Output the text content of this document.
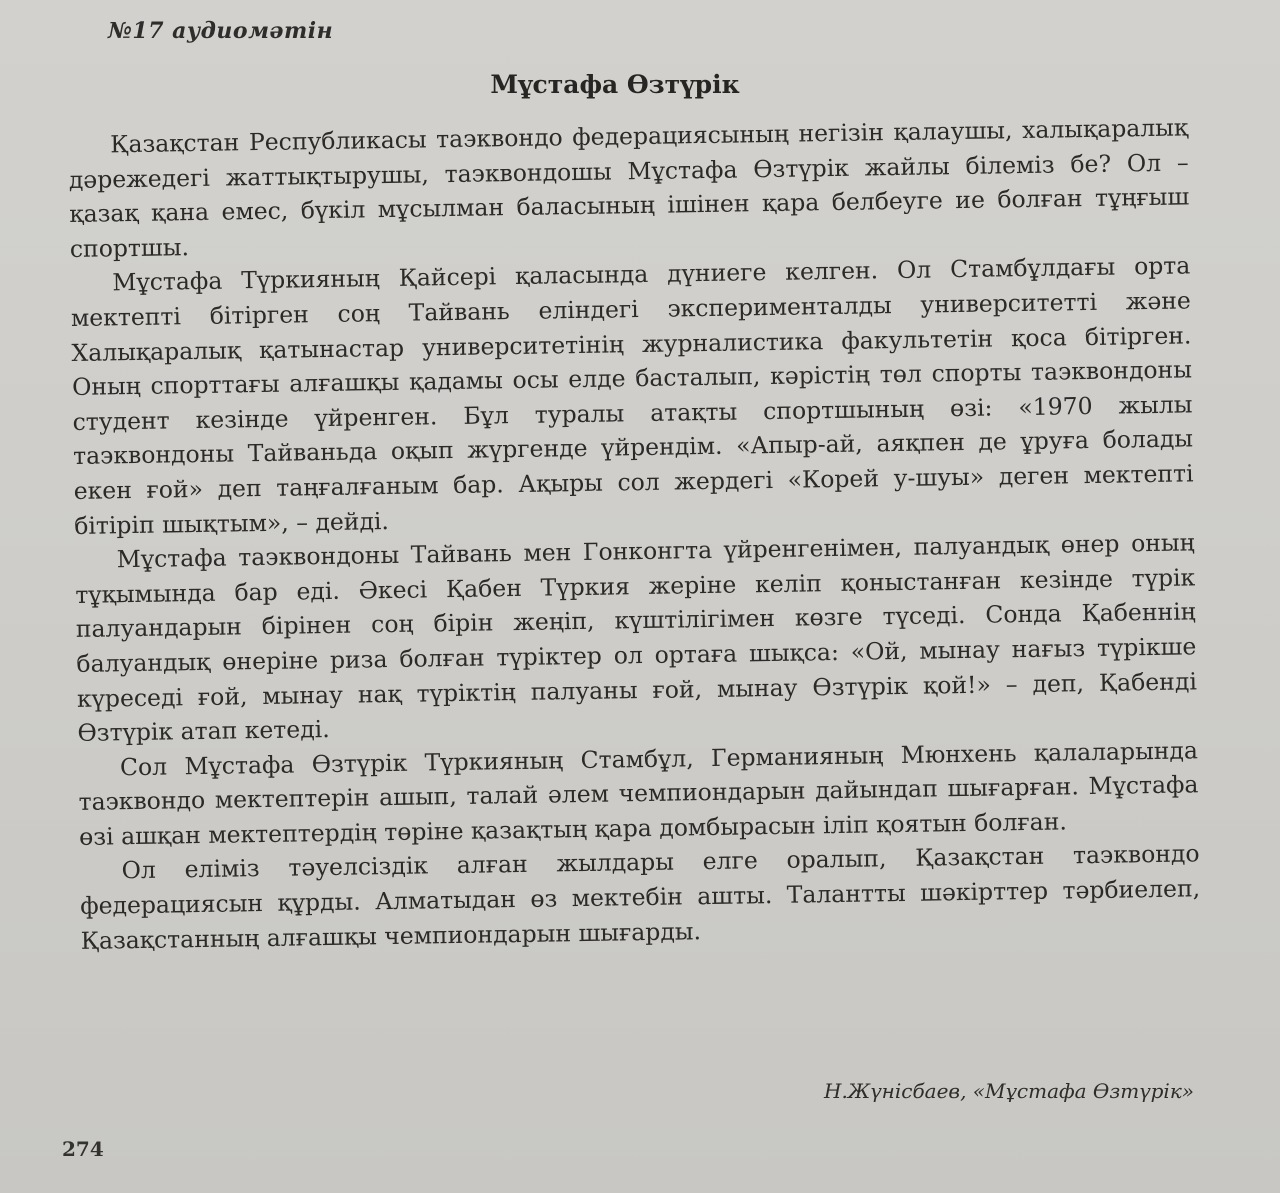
№17 аудиомәтін

Мұстафа Өзтүрік

Қазақстан Республикасы таэквондо федерациясының негізін қалаушы, халықаралық дәрежедегі жаттықтырушы, таэквондошы Мұстафа Өзтүрік жайлы білеміз бе? Ол – қазақ қана емес, бүкіл мұсылман баласының ішінен қара белбеуге ие болған тұңғыш спортшы.

Мұстафа Түркияның Қайсері қаласында дүниеге келген. Ол Стамбұлдағы орта мектепті бітірген соң Тайвань еліндегі эксперименталды университетті және Халықаралық қатынастар университетінің журналистика факультетін қоса бітірген. Оның спорттағы алғашқы қадамы осы елде басталып, кәрістің төл спорты таэквондоны студент кезінде үйренген. Бұл туралы атақты спортшының өзі: «1970 жылы таэквондоны Тайваньда оқып жүргенде үйрендім. «Апыр-ай, аяқпен де ұруға болады екен ғой» деп таңғалғаным бар. Ақыры сол жердегі «Корей у-шуы» деген мектепті бітіріп шықтым», – дейді.

Мұстафа таэквондоны Тайвань мен Гонконгта үйренгенімен, палуандық өнер оның тұқымында бар еді. Әкесі Қабен Түркия жеріне келіп қоныстанған кезінде түрік палуандарын бірінен соң бірін жеңіп, күштілігімен көзге түседі. Сонда Қабеннің балуандық өнеріне риза болған түріктер ол ортаға шықса: «Ой, мынау нағыз түрікше күреседі ғой, мынау нақ түріктің палуаны ғой, мынау Өзтүрік қой!» – деп, Қабенді Өзтүрік атап кетеді.

Сол Мұстафа Өзтүрік Түркияның Стамбұл, Германияның Мюнхень қалаларында таэквондо мектептерін ашып, талай әлем чемпиондарын дайындап шығарған. Мұстафа өзі ашқан мектептердің төріне қазақтың қара домбырасын іліп қоятын болған.

Ол еліміз тәуелсіздік алған жылдары елге оралып, Қазақстан таэквондо федерациясын құрды. Алматыдан өз мектебін ашты. Талантты шәкірттер тәрбиелеп, Қазақстанның алғашқы чемпиондарын шығарды.

Н.Жүнісбаев, «Мұстафа Өзтүрік»

274
